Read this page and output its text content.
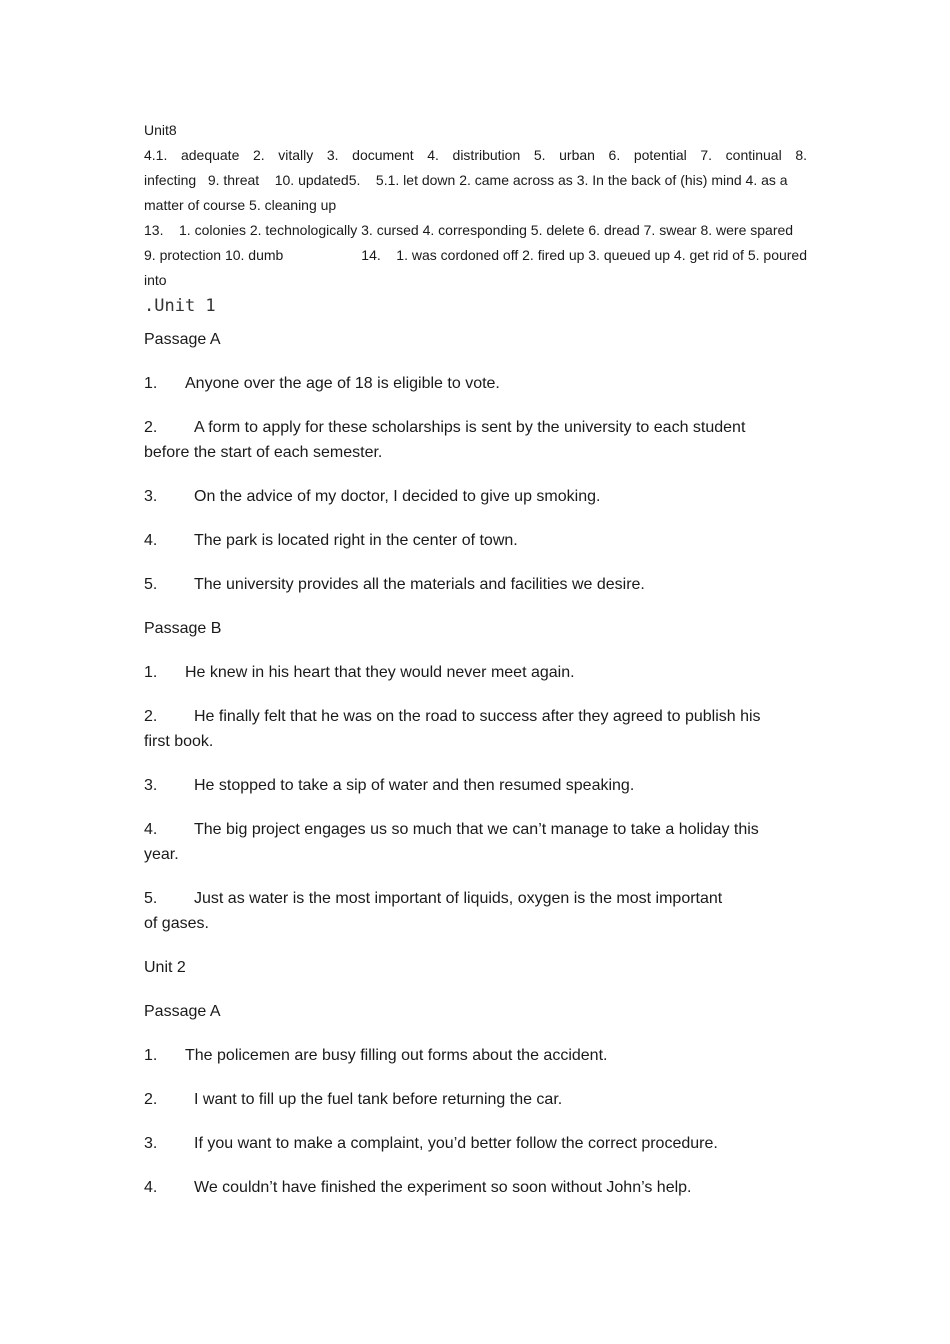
Unit8
4.1. adequate 2. vitally 3. document 4. distribution 5. urban 6. potential 7. continual 8.
infecting   9. threat    10. updated5.    5.1. let down 2. came across as 3. In the back of (his) mind 4. as a
matter of course 5. cleaning up
13.    1. colonies 2. technologically 3. cursed 4. corresponding 5. delete 6. dread 7. swear 8. were spared
9. protection 10. dumb	14.    1. was cordoned off 2. fired up 3. queued up 4. get rid of 5. poured
into
.Unit 1
Passage A
1. Anyone over the age of 18 is eligible to vote.
2. A form to apply for these scholarships is sent by the university to each student
before the start of each semester.
3. On the advice of my doctor, I decided to give up smoking.
4. The park is located right in the center of town.
5. The university provides all the materials and facilities we desire.
Passage B
1. He knew in his heart that they would never meet again.
2. He finally felt that he was on the road to success after they agreed to publish his
first book.
3. He stopped to take a sip of water and then resumed speaking.
4. The big project engages us so much that we can’t manage to take a holiday this
year.
5. Just as water is the most important of liquids, oxygen is the most important
of gases.
Unit 2
Passage A
1. The policemen are busy filling out forms about the accident.
2. I want to fill up the fuel tank before returning the car.
3. If you want to make a complaint, you’d better follow the correct procedure.
4. We couldn’t have finished the experiment so soon without John’s help.
